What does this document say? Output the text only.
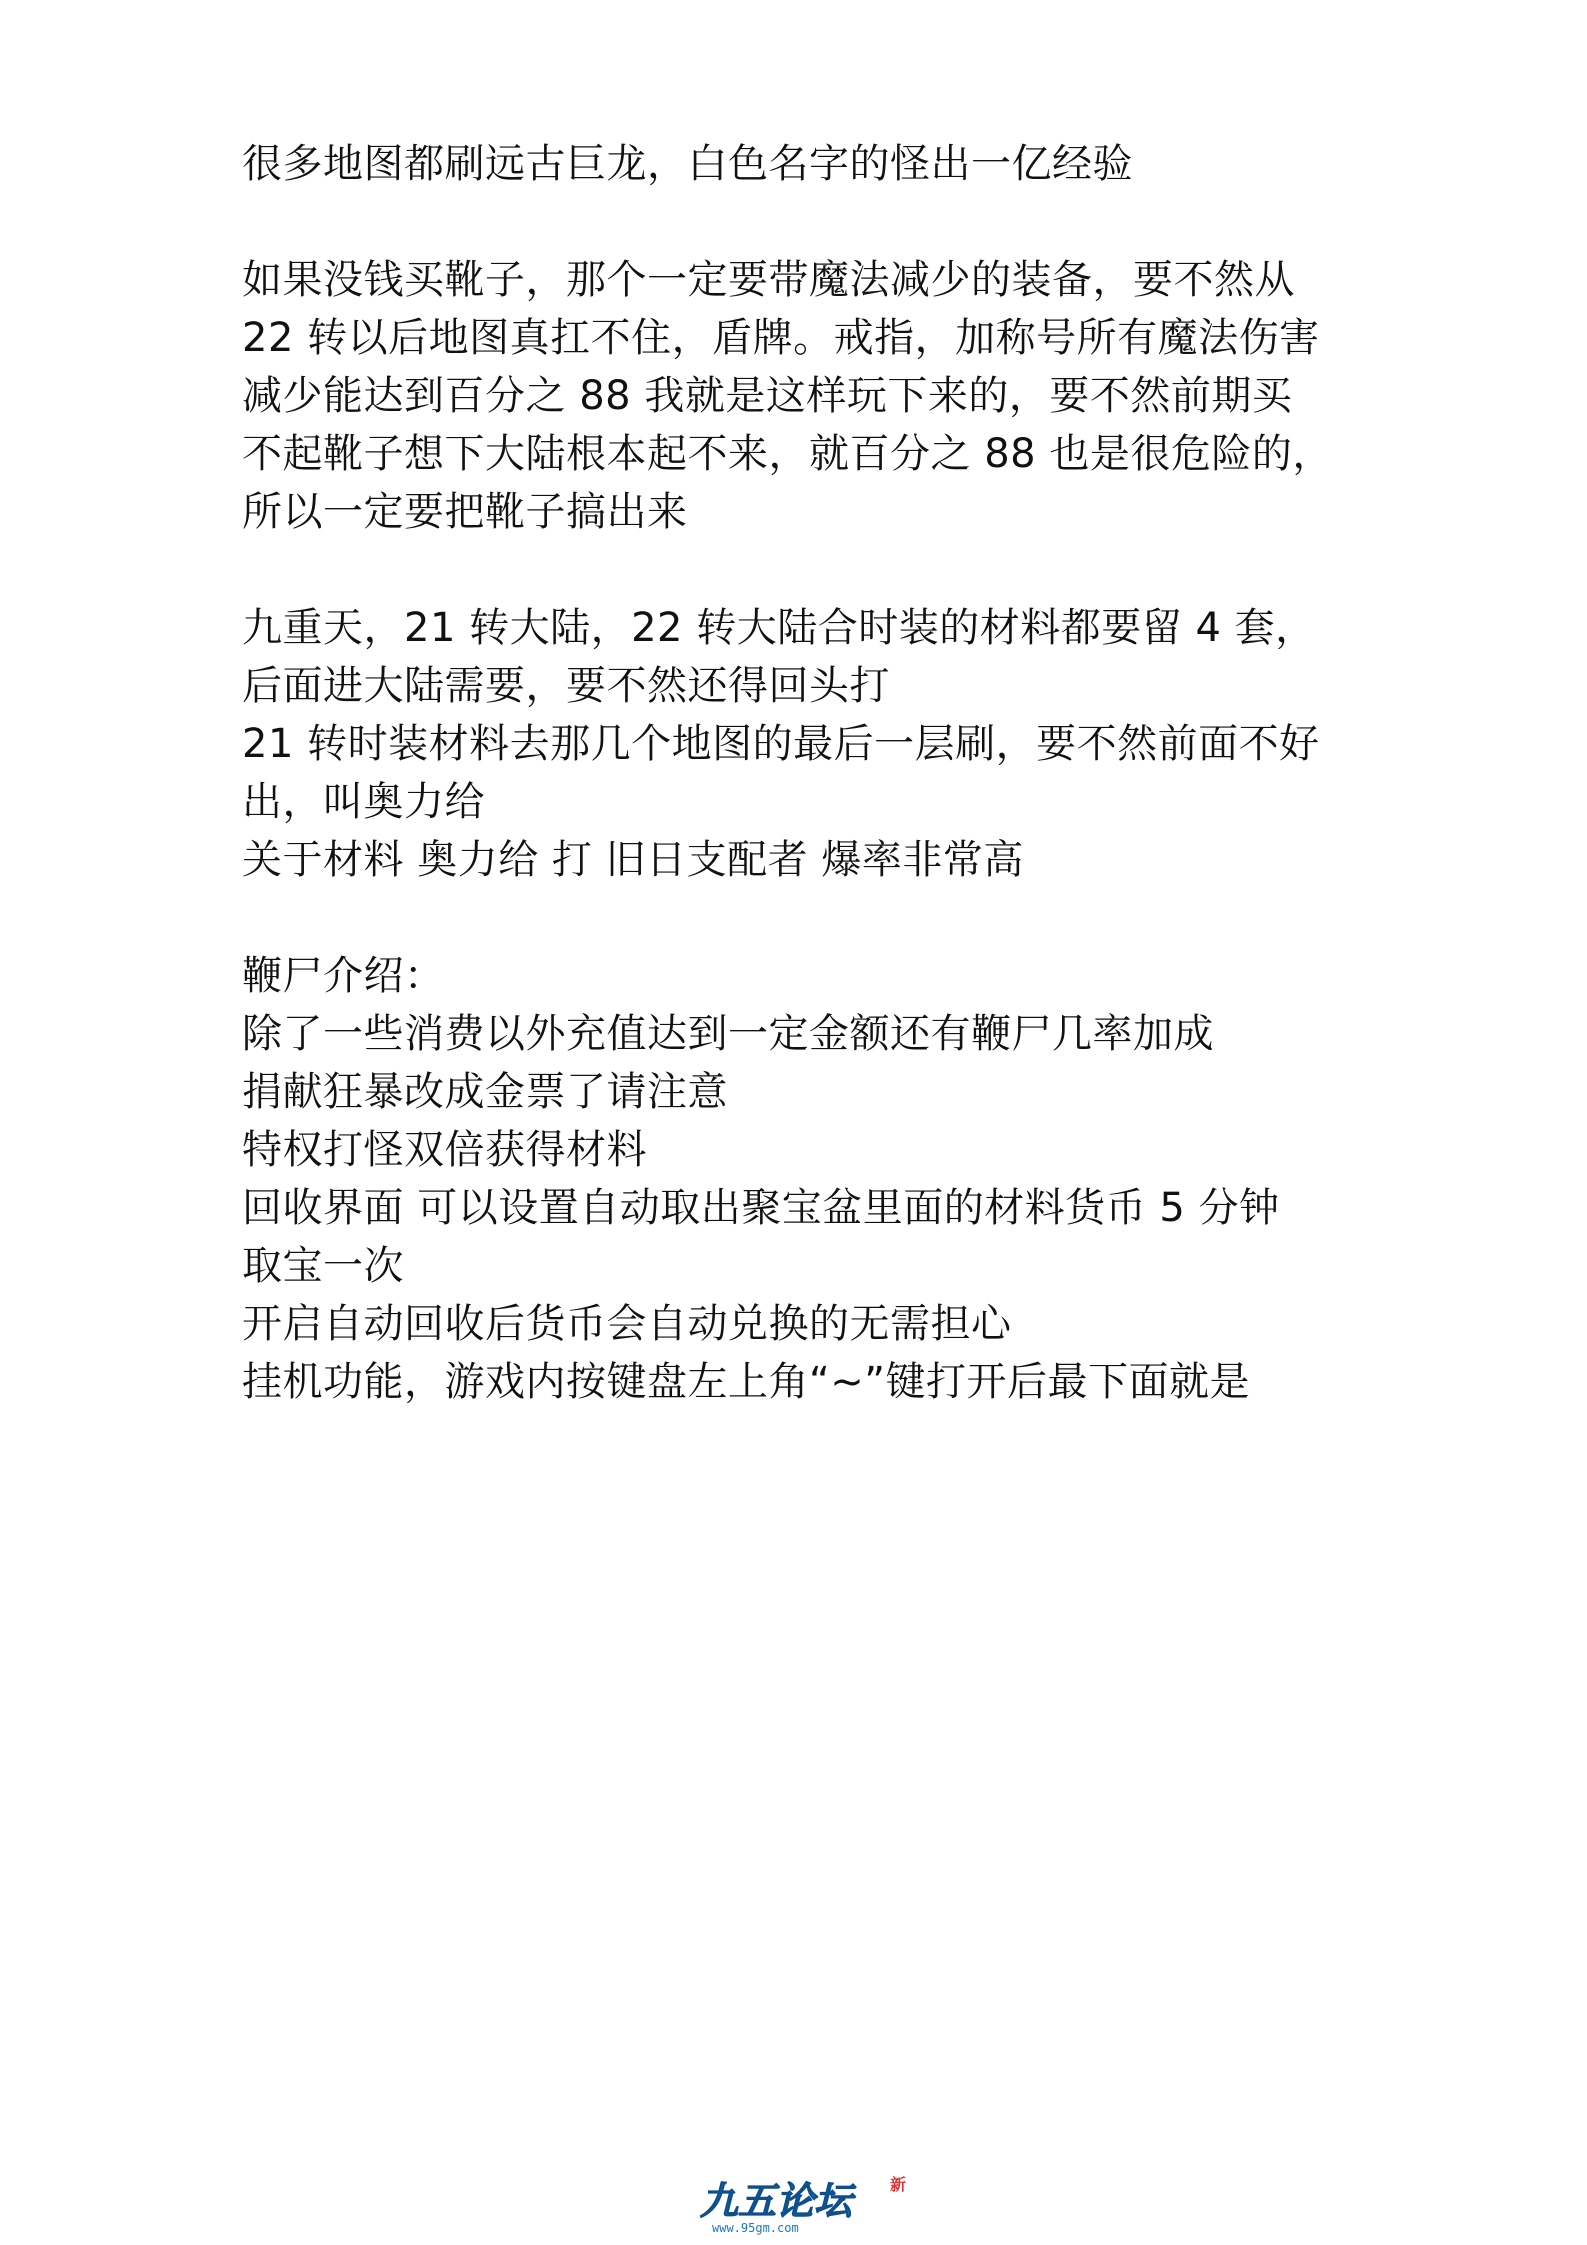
很多地图都刷远古巨龙，白色名字的怪出一亿经验
如果没钱买靴子，那个一定要带魔法减少的装备，要不然从
22 转以后地图真扛不住，盾牌。戒指，加称号所有魔法伤害
减少能达到百分之 88 我就是这样玩下来的，要不然前期买
不起靴子想下大陆根本起不来，就百分之 88 也是很危险的，
所以一定要把靴子搞出来
九重天，21 转大陆，22 转大陆合时装的材料都要留 4 套，
后面进大陆需要，要不然还得回头打
21 转时装材料去那几个地图的最后一层刷，要不然前面不好
出，叫奥力给
关于材料 奥力给 打 旧日支配者 爆率非常高
鞭尸介绍：
除了一些消费以外充值达到一定金额还有鞭尸几率加成
捐献狂暴改成金票了请注意
特权打怪双倍获得材料
回收界面 可以设置自动取出聚宝盆里面的材料货币 5 分钟
取宝一次
开启自动回收后货币会自动兑换的无需担心
挂机功能，游戏内按键盘左上角“~”键打开后最下面就是
九五论坛	新
www.95gm.com
